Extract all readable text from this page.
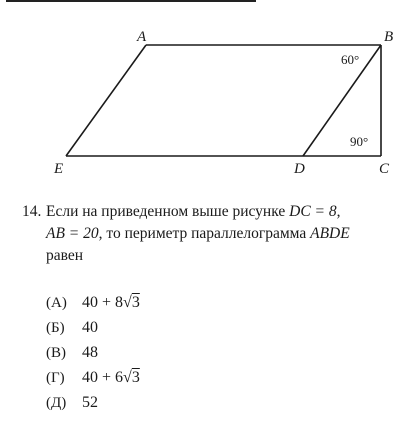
A	B
C
D
E
60°
90°
14. Если на приведенном выше рисунке DC = 8,
AB = 20, то периметр параллелограмма ABDE
равен
(А) 40 + 8√3
(Б) 40
(В) 48
(Г) 40 + 6√3
(Д) 52
